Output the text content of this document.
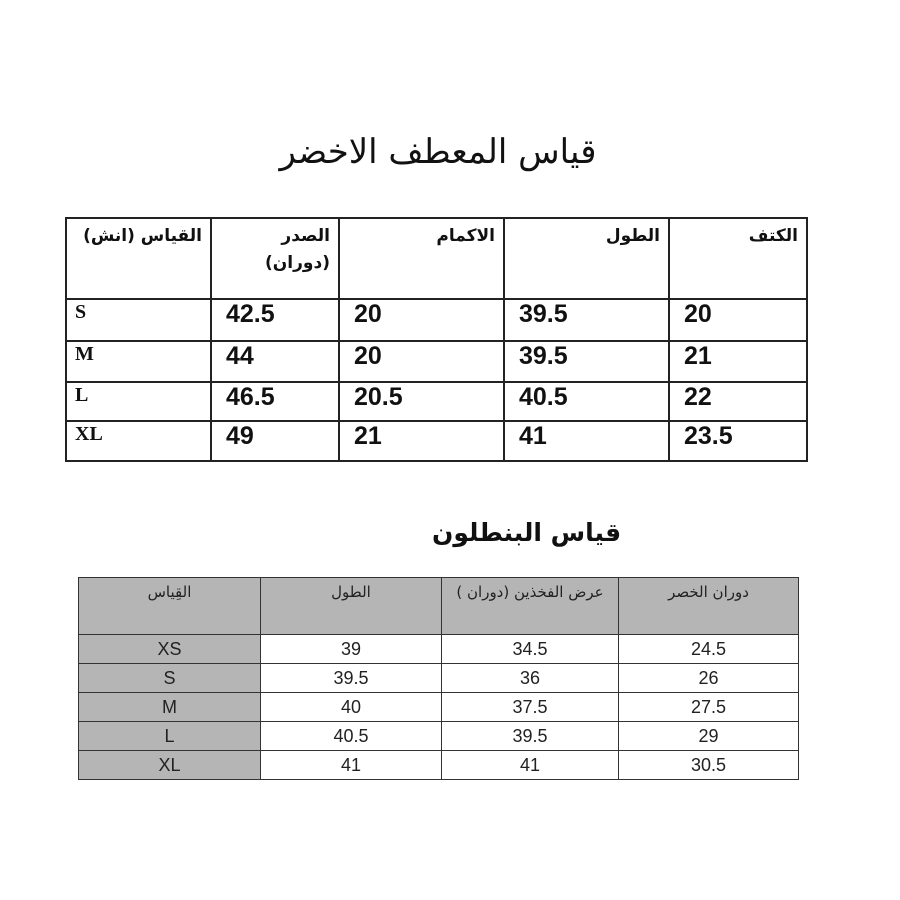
قياس المعطف الاخضر
القياس (انش)	الصدر (دوران)	الاكمام	الطول	الكتف
S	42.5	20	39.5	20
M	44	20	39.5	21
L	46.5	20.5	40.5	22
XL	49	21	41	23.5
قياس البنطلون
القِياس	الطول	عرض الفخذين (دوران )	دوران الخصر
XS	39	34.5	24.5
S	39.5	36	26
M	40	37.5	27.5
L	40.5	39.5	29
XL	41	41	30.5
